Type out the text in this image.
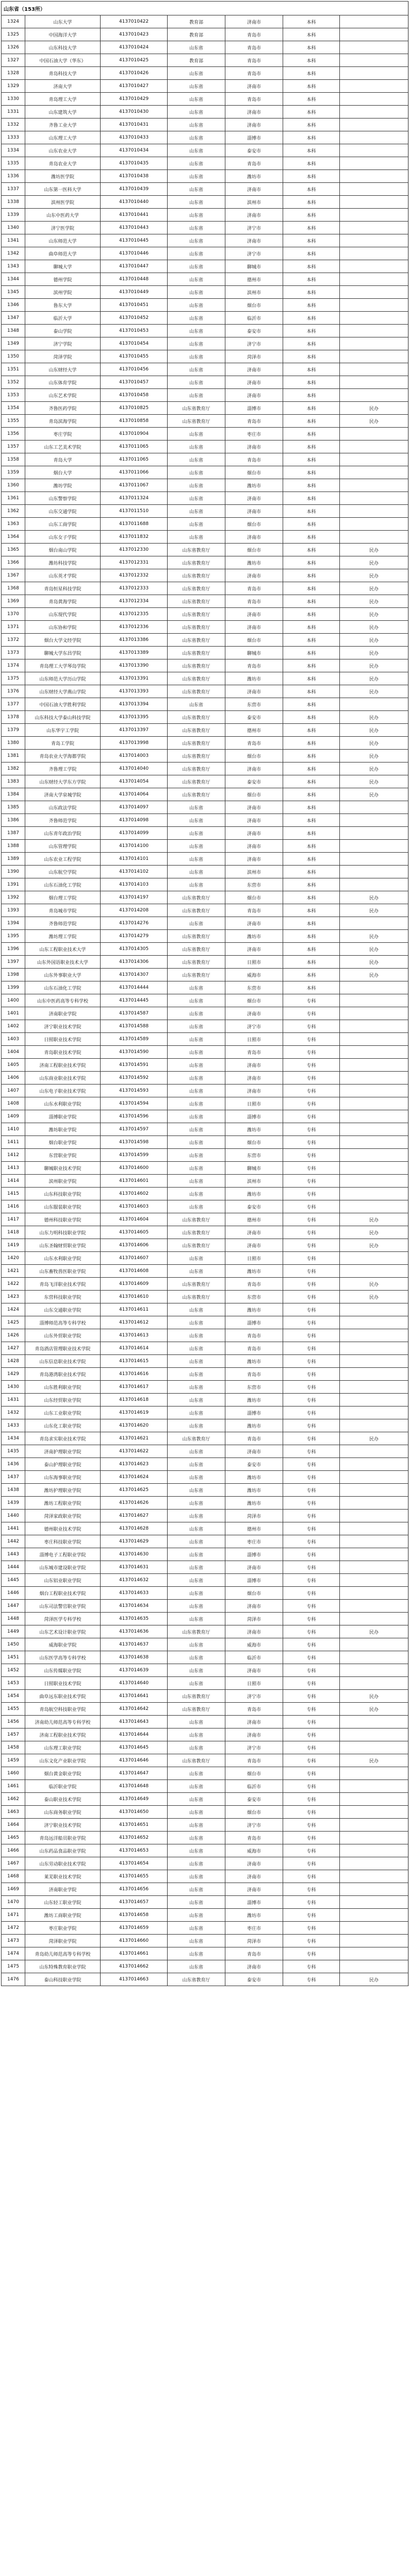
山东省（153所）						
1324	山东大学	4137010422	教育部	济南市	本科	
1325	中国海洋大学	4137010423	教育部	青岛市	本科	
1326	山东科技大学	4137010424	山东省	青岛市	本科	
1327	中国石油大学（华东）	4137010425	教育部	青岛市	本科	
1328	青岛科技大学	4137010426	山东省	青岛市	本科	
1329	济南大学	4137010427	山东省	济南市	本科	
1330	青岛理工大学	4137010429	山东省	青岛市	本科	
1331	山东建筑大学	4137010430	山东省	济南市	本科	
1332	齐鲁工业大学	4137010431	山东省	济南市	本科	
1333	山东理工大学	4137010433	山东省	淄博市	本科	
1334	山东农业大学	4137010434	山东省	泰安市	本科	
1335	青岛农业大学	4137010435	山东省	青岛市	本科	
1336	潍坊医学院	4137010438	山东省	潍坊市	本科	
1337	山东第一医科大学	4137010439	山东省	济南市	本科	
1338	滨州医学院	4137010440	山东省	滨州市	本科	
1339	山东中医药大学	4137010441	山东省	济南市	本科	
1340	济宁医学院	4137010443	山东省	济宁市	本科	
1341	山东师范大学	4137010445	山东省	济南市	本科	
1342	曲阜师范大学	4137010446	山东省	济宁市	本科	
1343	聊城大学	4137010447	山东省	聊城市	本科	
1344	德州学院	4137010448	山东省	德州市	本科	
1345	滨州学院	4137010449	山东省	滨州市	本科	
1346	鲁东大学	4137010451	山东省	烟台市	本科	
1347	临沂大学	4137010452	山东省	临沂市	本科	
1348	泰山学院	4137010453	山东省	泰安市	本科	
1349	济宁学院	4137010454	山东省	济宁市	本科	
1350	菏泽学院	4137010455	山东省	菏泽市	本科	
1351	山东财经大学	4137010456	山东省	济南市	本科	
1352	山东体育学院	4137010457	山东省	济南市	本科	
1353	山东艺术学院	4137010458	山东省	济南市	本科	
1354	齐鲁医药学院	4137010825	山东省教育厅	淄博市	本科	民办
1355	青岛滨海学院	4137010858	山东省教育厅	青岛市	本科	民办
1356	枣庄学院	4137010904	山东省	枣庄市	本科	
1357	山东工艺美术学院	4137011065	山东省	济南市	本科	
1358	青岛大学	4137011065	山东省	青岛市	本科	
1359	烟台大学	4137011066	山东省	烟台市	本科	
1360	潍坊学院	4137011067	山东省	潍坊市	本科	
1361	山东警察学院	4137011324	山东省	济南市	本科	
1362	山东交通学院	4137011510	山东省	济南市	本科	
1363	山东工商学院	4137011688	山东省	烟台市	本科	
1364	山东女子学院	4137011832	山东省	济南市	本科	
1365	烟台南山学院	4137012330	山东省教育厅	烟台市	本科	民办
1366	潍坊科技学院	4137012331	山东省教育厅	潍坊市	本科	民办
1367	山东英才学院	4137012332	山东省教育厅	济南市	本科	民办
1368	青岛恒星科技学院	4137012333	山东省教育厅	青岛市	本科	民办
1369	青岛黄海学院	4137012334	山东省教育厅	青岛市	本科	民办
1370	山东现代学院	4137012335	山东省教育厅	济南市	本科	民办
1371	山东协和学院	4137012336	山东省教育厅	济南市	本科	民办
1372	烟台大学文经学院	4137013386	山东省教育厅	烟台市	本科	民办
1373	聊城大学东昌学院	4137013389	山东省教育厅	聊城市	本科	民办
1374	青岛理工大学琴岛学院	4137013390	山东省教育厅	青岛市	本科	民办
1375	山东师范大学历山学院	4137013391	山东省教育厅	潍坊市	本科	民办
1376	山东财经大学燕山学院	4137013393	山东省教育厅	济南市	本科	民办
1377	中国石油大学胜利学院	4137013394	山东省	东营市	本科	
1378	山东科技大学泰山科技学院	4137013395	山东省教育厅	泰安市	本科	民办
1379	山东华宇工学院	4137013397	山东省教育厅	德州市	本科	民办
1380	青岛工学院	4137013998	山东省教育厅	青岛市	本科	民办
1381	青岛农业大学海都学院	4137014003	山东省教育厅	烟台市	本科	民办
1382	齐鲁理工学院	4137014040	山东省教育厅	济南市	本科	民办
1383	山东财经大学东方学院	4137014054	山东省教育厅	泰安市	本科	民办
1384	济南大学泉城学院	4137014064	山东省教育厅	烟台市	本科	民办
1385	山东政法学院	4137014097	山东省	济南市	本科	
1386	齐鲁师范学院	4137014098	山东省	济南市	本科	
1387	山东青年政治学院	4137014099	山东省	济南市	本科	
1388	山东管理学院	4137014100	山东省	济南市	本科	
1389	山东农业工程学院	4137014101	山东省	济南市	本科	
1390	山东航空学院	4137014102	山东省	滨州市	本科	
1391	山东石油化工学院	4137014103	山东省	东营市	本科	
1392	烟台理工学院	4137014197	山东省教育厅	烟台市	本科	民办
1393	青岛城市学院	4137014208	山东省教育厅	青岛市	本科	民办
1394	齐鲁师范学院	4137014276	山东省	济南市	本科	
1395	潍坊理工学院	4137014279	山东省教育厅	潍坊市	本科	民办
1396	山东工程职业技术大学	4137014305	山东省教育厅	济南市	本科	民办
1397	山东外国语职业技术大学	4137014306	山东省教育厅	日照市	本科	民办
1398	山东外事职业大学	4137014307	山东省教育厅	威海市	本科	民办
1399	山东石油化工学院	4137014444	山东省	东营市	本科	
1400	山东中医药高等专科学校	4137014445	山东省	烟台市	专科	
1401	济南职业学院	4137014587	山东省	济南市	专科	
1402	济宁职业技术学院	4137014588	山东省	济宁市	专科	
1403	日照职业技术学院	4137014589	山东省	日照市	专科	
1404	青岛职业技术学院	4137014590	山东省	青岛市	专科	
1405	济南工程职业技术学院	4137014591	山东省	济南市	专科	
1406	山东商业职业技术学院	4137014592	山东省	济南市	专科	
1407	山东电子职业技术学院	4137014593	山东省	济南市	专科	
1408	山东水利职业学院	4137014594	山东省	日照市	专科	
1409	淄博职业学院	4137014596	山东省	淄博市	专科	
1410	潍坊职业学院	4137014597	山东省	潍坊市	专科	
1411	烟台职业学院	4137014598	山东省	烟台市	专科	
1412	东营职业学院	4137014599	山东省	东营市	专科	
1413	聊城职业技术学院	4137014600	山东省	聊城市	专科	
1414	滨州职业学院	4137014601	山东省	滨州市	专科	
1415	山东科技职业学院	4137014602	山东省	潍坊市	专科	
1416	山东服装职业学院	4137014603	山东省	泰安市	专科	
1417	德州科技职业学院	4137014604	山东省教育厅	德州市	专科	民办
1418	山东力明科技职业学院	4137014605	山东省教育厅	济南市	专科	民办
1419	山东圣翰财贸职业学院	4137014606	山东省教育厅	济南市	专科	民办
1420	山东水利职业学院	4137014607	山东省	日照市	专科	
1421	山东畜牧兽医职业学院	4137014608	山东省	潍坊市	专科	
1422	青岛飞洋职业技术学院	4137014609	山东省教育厅	青岛市	专科	民办
1423	东营科技职业学院	4137014610	山东省教育厅	东营市	专科	民办
1424	山东交通职业学院	4137014611	山东省	潍坊市	专科	
1425	淄博师范高等专科学校	4137014612	山东省	淄博市	专科	
1426	山东外贸职业学院	4137014613	山东省	青岛市	专科	
1427	青岛酒店管理职业技术学院	4137014614	山东省	青岛市	专科	
1428	山东信息职业技术学院	4137014615	山东省	潍坊市	专科	
1429	青岛港湾职业技术学院	4137014616	山东省	青岛市	专科	
1430	山东胜利职业学院	4137014617	山东省	东营市	专科	
1431	山东经贸职业学院	4137014618	山东省	潍坊市	专科	
1432	山东工业职业学院	4137014619	山东省	淄博市	专科	
1433	山东化工职业学院	4137014620	山东省	潍坊市	专科	
1434	青岛求实职业技术学院	4137014621	山东省教育厅	青岛市	专科	民办
1435	济南护理职业学院	4137014622	山东省	济南市	专科	
1436	泰山护理职业学院	4137014623	山东省	泰安市	专科	
1437	山东海事职业学院	4137014624	山东省	潍坊市	专科	
1438	潍坊护理职业学院	4137014625	山东省	潍坊市	专科	
1439	潍坊工程职业学院	4137014626	山东省	潍坊市	专科	
1440	菏泽家政职业学院	4137014627	山东省	菏泽市	专科	
1441	德州职业技术学院	4137014628	山东省	德州市	专科	
1442	枣庄科技职业学院	4137014629	山东省	枣庄市	专科	
1443	淄博电子工程职业学院	4137014630	山东省	淄博市	专科	
1444	山东城市建设职业学院	4137014631	山东省	济南市	专科	
1445	山东铝业职业学院	4137014632	山东省	淄博市	专科	
1446	烟台工程职业技术学院	4137014633	山东省	烟台市	专科	
1447	山东司法警官职业学院	4137014634	山东省	济南市	专科	
1448	菏泽医学专科学校	4137014635	山东省	菏泽市	专科	
1449	山东艺术设计职业学院	4137014636	山东省教育厅	济南市	专科	民办
1450	威海职业学院	4137014637	山东省	威海市	专科	
1451	山东医学高等专科学校	4137014638	山东省	临沂市	专科	
1452	山东传媒职业学院	4137014639	山东省	济南市	专科	
1453	日照职业技术学院	4137014640	山东省	日照市	专科	
1454	曲阜远东职业技术学院	4137014641	山东省教育厅	济宁市	专科	民办
1455	青岛航空科技职业学院	4137014642	山东省教育厅	青岛市	专科	民办
1456	济南幼儿师范高等专科学校	4137014643	山东省	济南市	专科	
1457	济南工程职业技术学院	4137014644	山东省	济南市	专科	
1458	山东理工职业学院	4137014645	山东省	济宁市	专科	
1459	山东文化产业职业学院	4137014646	山东省教育厅	青岛市	专科	民办
1460	烟台黄金职业学院	4137014647	山东省	烟台市	专科	
1461	临沂职业学院	4137014648	山东省	临沂市	专科	
1462	泰山职业技术学院	4137014649	山东省	泰安市	专科	
1463	山东商务职业学院	4137014650	山东省	烟台市	专科	
1464	济宁职业技术学院	4137014651	山东省	济宁市	专科	
1465	青岛远洋船员职业学院	4137014652	山东省	青岛市	专科	
1466	山东药品食品职业学院	4137014653	山东省	威海市	专科	
1467	山东劳动职业技术学院	4137014654	山东省	济南市	专科	
1468	莱芜职业技术学院	4137014655	山东省	济南市	专科	
1469	济南职业学院	4137014656	山东省	济南市	专科	
1470	山东轻工职业学院	4137014657	山东省	淄博市	专科	
1471	潍坊工商职业学院	4137014658	山东省	潍坊市	专科	
1472	枣庄职业学院	4137014659	山东省	枣庄市	专科	
1473	菏泽职业学院	4137014660	山东省	菏泽市	专科	
1474	青岛幼儿师范高等专科学校	4137014661	山东省	青岛市	专科	
1475	山东特殊教育职业学院	4137014662	山东省	济南市	专科	
1476	泰山科技职业学院	4137014663	山东省教育厅	泰安市	专科	民办
